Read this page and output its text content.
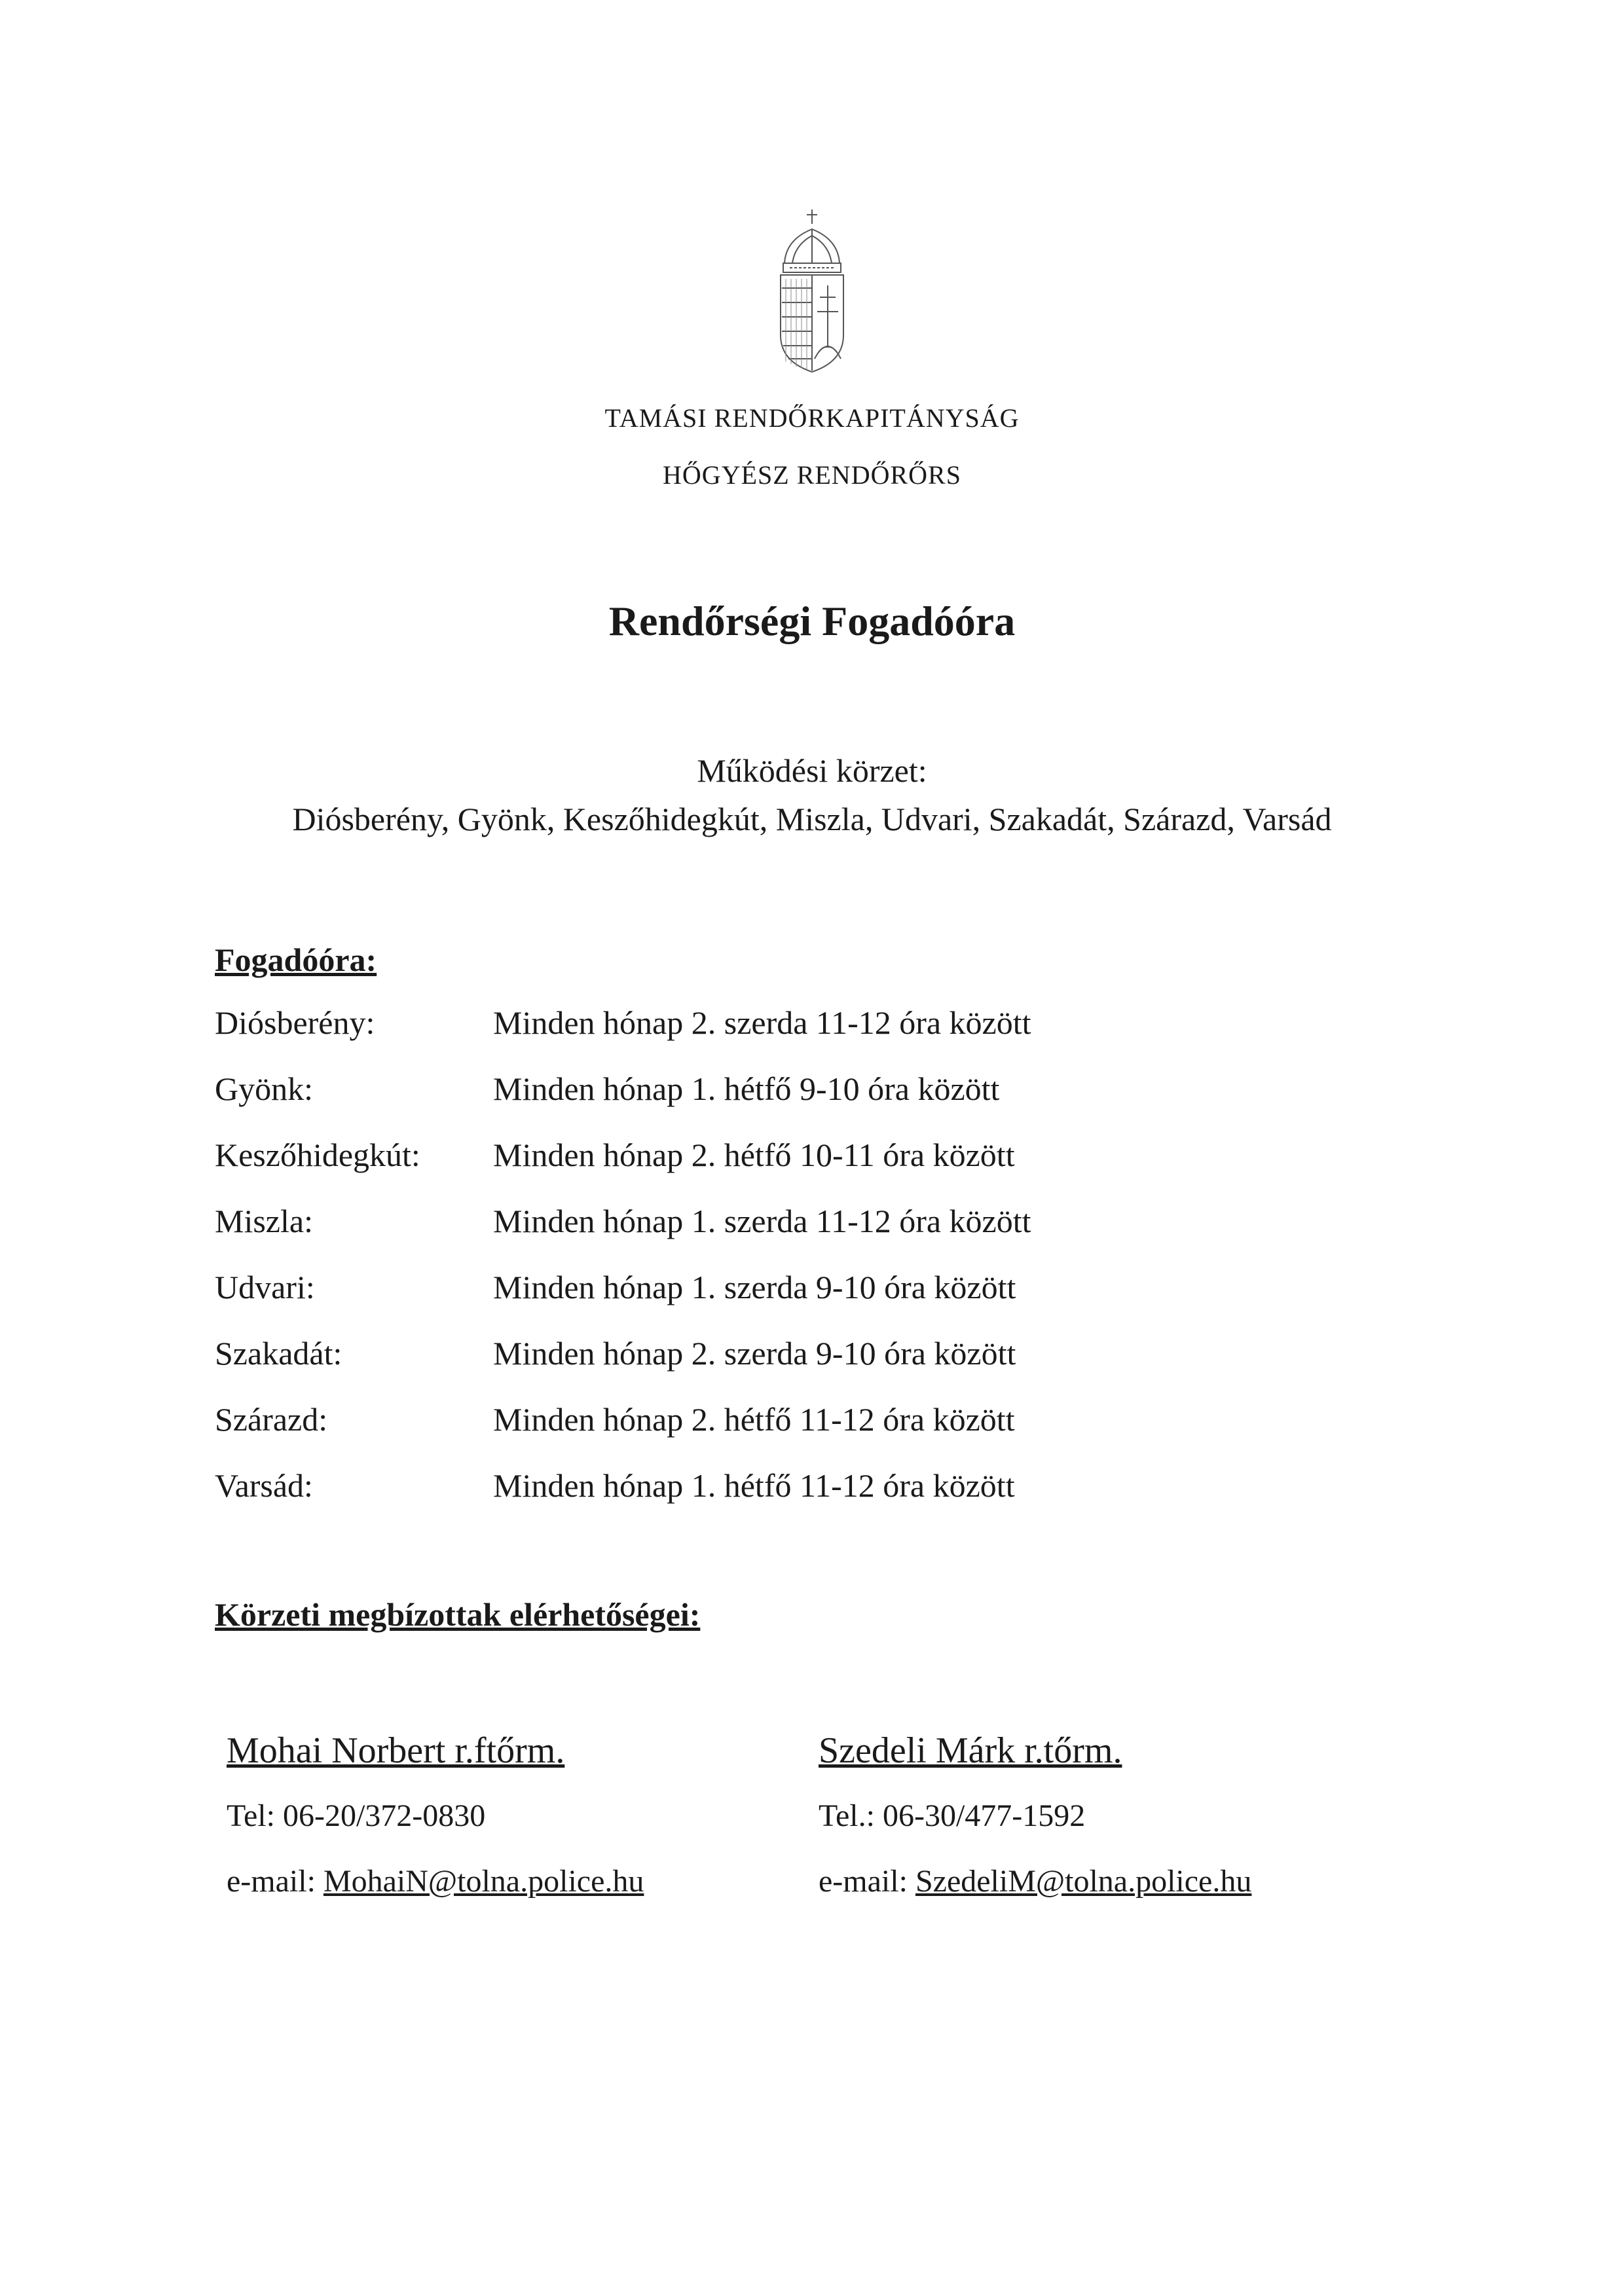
TAMÁSI RENDŐRKAPITÁNYSÁG
HŐGYÉSZ RENDŐRŐRS
Rendőrségi Fogadóóra
Működési körzet:
Diósberény, Gyönk, Keszőhidegkút, Miszla, Udvari, Szakadát, Szárazd, Varsád
Fogadóóra:
Diósberény:	Minden hónap 2. szerda 11-12 óra között
Gyönk:	Minden hónap 1. hétfő 9-10 óra között
Keszőhidegkút: Minden hónap 2. hétfő 10-11 óra között
Miszla:	Minden hónap 1. szerda 11-12 óra között
Udvari:	Minden hónap 1. szerda 9-10 óra között
Szakadát:	Minden hónap 2. szerda 9-10 óra között
Szárazd:	Minden hónap 2. hétfő 11-12 óra között
Varsád:	Minden hónap 1. hétfő 11-12 óra között
Körzeti megbízottak elérhetőségei:
Mohai Norbert r.ftőrm.
Tel: 06-20/372-0830
e-mail: MohaiN@tolna.police.hu
Szedeli Márk r.tőrm.
Tel.: 06-30/477-1592
e-mail: SzedeliM@tolna.police.hu
